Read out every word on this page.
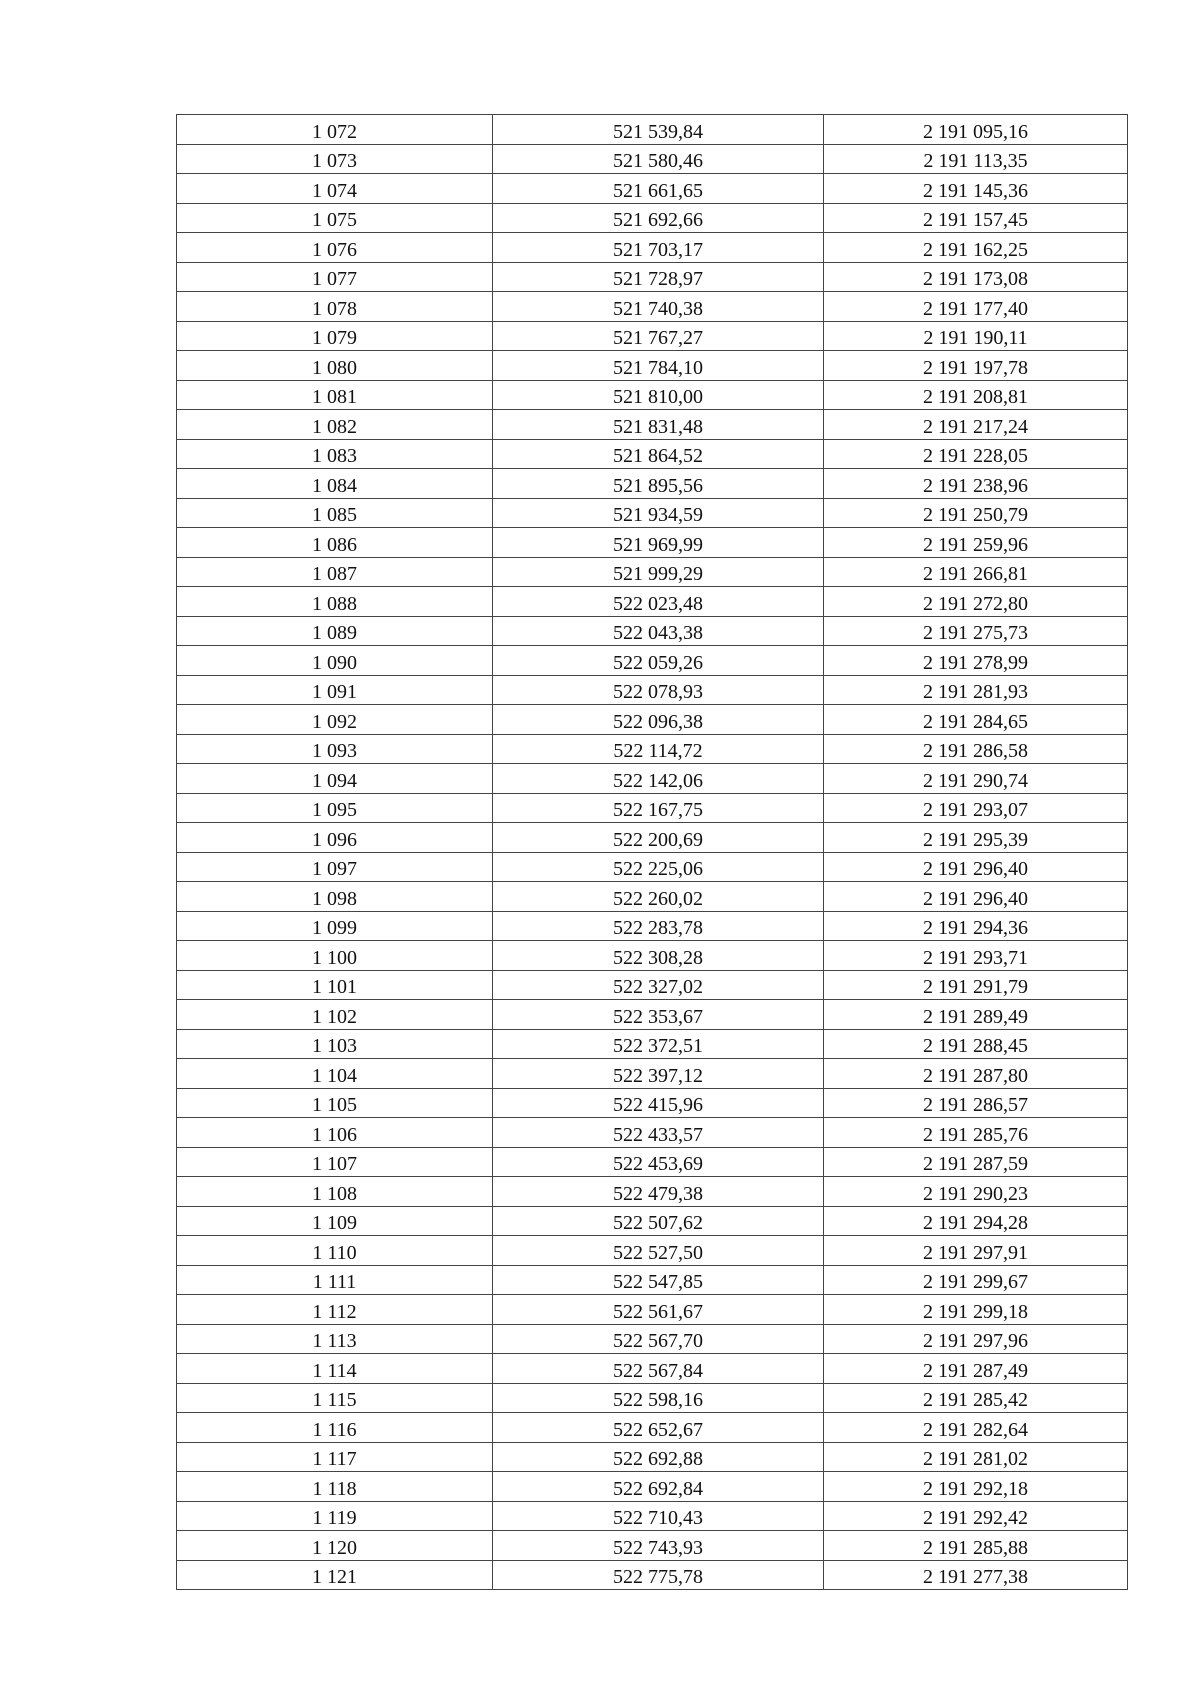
1 072	521 539,84	2 191 095,16
1 073	521 580,46	2 191 113,35
1 074	521 661,65	2 191 145,36
1 075	521 692,66	2 191 157,45
1 076	521 703,17	2 191 162,25
1 077	521 728,97	2 191 173,08
1 078	521 740,38	2 191 177,40
1 079	521 767,27	2 191 190,11
1 080	521 784,10	2 191 197,78
1 081	521 810,00	2 191 208,81
1 082	521 831,48	2 191 217,24
1 083	521 864,52	2 191 228,05
1 084	521 895,56	2 191 238,96
1 085	521 934,59	2 191 250,79
1 086	521 969,99	2 191 259,96
1 087	521 999,29	2 191 266,81
1 088	522 023,48	2 191 272,80
1 089	522 043,38	2 191 275,73
1 090	522 059,26	2 191 278,99
1 091	522 078,93	2 191 281,93
1 092	522 096,38	2 191 284,65
1 093	522 114,72	2 191 286,58
1 094	522 142,06	2 191 290,74
1 095	522 167,75	2 191 293,07
1 096	522 200,69	2 191 295,39
1 097	522 225,06	2 191 296,40
1 098	522 260,02	2 191 296,40
1 099	522 283,78	2 191 294,36
1 100	522 308,28	2 191 293,71
1 101	522 327,02	2 191 291,79
1 102	522 353,67	2 191 289,49
1 103	522 372,51	2 191 288,45
1 104	522 397,12	2 191 287,80
1 105	522 415,96	2 191 286,57
1 106	522 433,57	2 191 285,76
1 107	522 453,69	2 191 287,59
1 108	522 479,38	2 191 290,23
1 109	522 507,62	2 191 294,28
1 110	522 527,50	2 191 297,91
1 111	522 547,85	2 191 299,67
1 112	522 561,67	2 191 299,18
1 113	522 567,70	2 191 297,96
1 114	522 567,84	2 191 287,49
1 115	522 598,16	2 191 285,42
1 116	522 652,67	2 191 282,64
1 117	522 692,88	2 191 281,02
1 118	522 692,84	2 191 292,18
1 119	522 710,43	2 191 292,42
1 120	522 743,93	2 191 285,88
1 121	522 775,78	2 191 277,38
